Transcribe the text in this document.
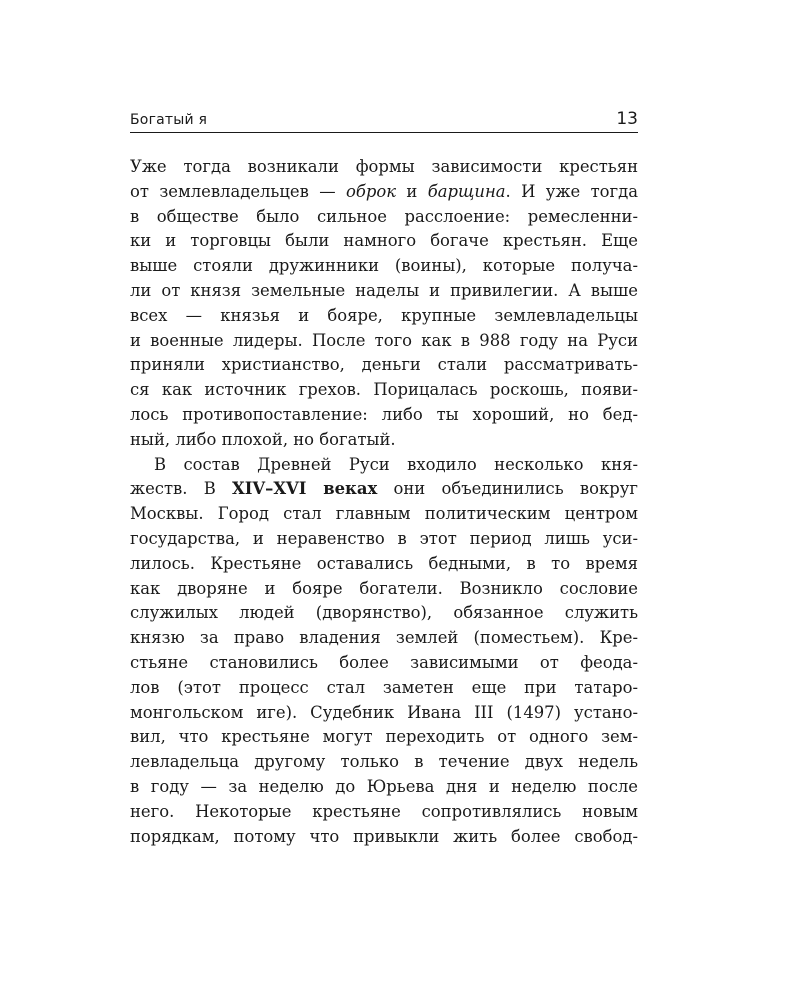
Богатый я	13
Уже тогда возникали формы зависимости крестьян
от землевладельцев — оброк и барщина. И уже тогда
в обществе было сильное расслоение: ремесленни-
ки и торговцы были намного богаче крестьян. Еще
выше стояли дружинники (воины), которые получа-
ли от князя земельные наделы и привилегии. А выше
всех — князья и бояре, крупные землевладельцы
и военные лидеры. После того как в 988 году на Руси
приняли христианство, деньги стали рассматривать-
ся как источник грехов. Порицалась роскошь, появи-
лось противопоставление: либо ты хороший, но бед-
ный, либо плохой, но богатый.
В состав Древней Руси входило несколько кня-
жеств. В XIV–XVI веках они объединились вокруг
Москвы. Город стал главным политическим центром
государства, и неравенство в этот период лишь уси-
лилось. Крестьяне оставались бедными, в то время
как дворяне и бояре богатели. Возникло сословие
служилых людей (дворянство), обязанное служить
князю за право владения землей (поместьем). Кре-
стьяне становились более зависимыми от феода-
лов (этот процесс стал заметен еще при татаро-
монгольском иге). Судебник Ивана III (1497) устано-
вил, что крестьяне могут переходить от одного зем-
левладельца другому только в течение двух недель
в году — за неделю до Юрьева дня и неделю после
него. Некоторые крестьяне сопротивлялись новым
порядкам, потому что привыкли жить более свобод-
